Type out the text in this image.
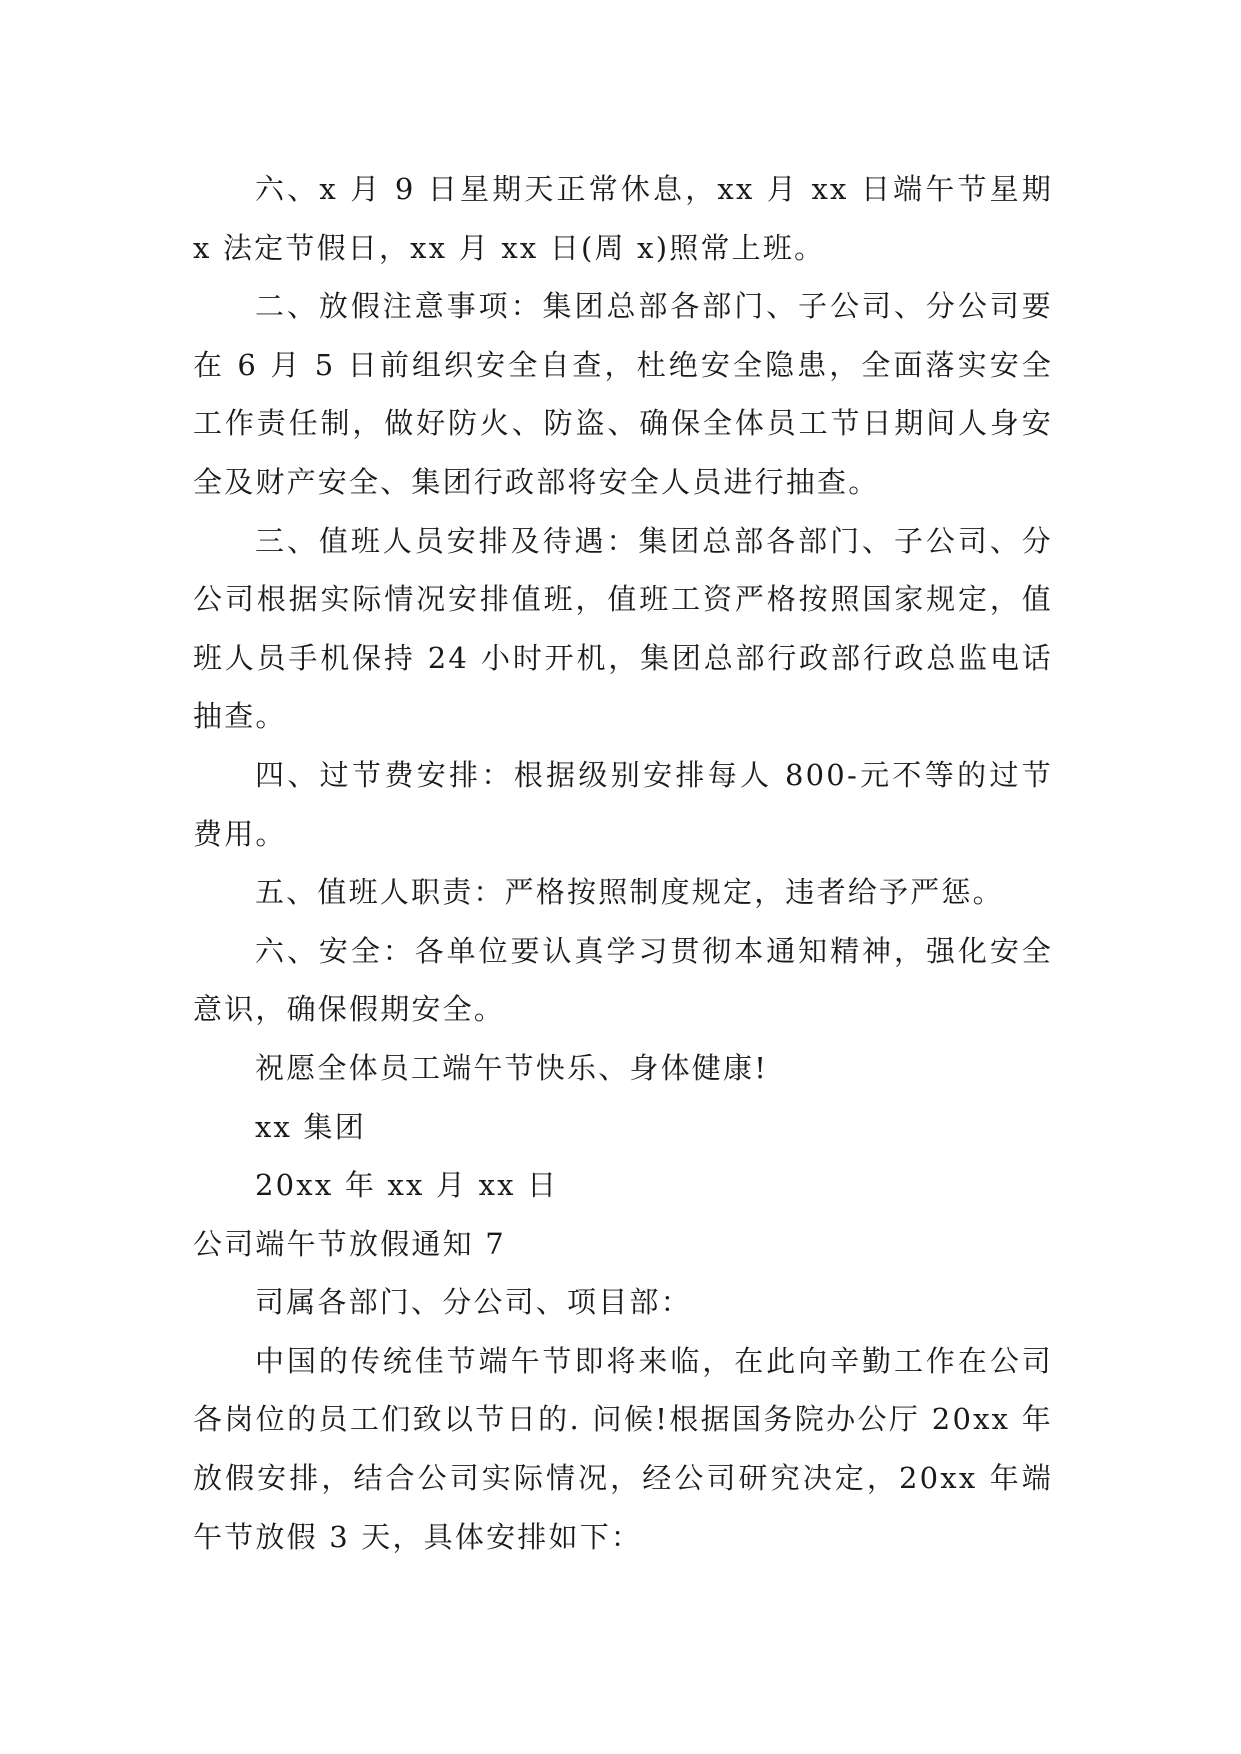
六、x 月 9 日星期天正常休息，xx 月 xx 日端午节星期 x 法定节假日，xx 月 xx 日(周 x)照常上班。

二、放假注意事项：集团总部各部门、子公司、分公司要在 6 月 5 日前组织安全自查，杜绝安全隐患，全面落实安全工作责任制，做好防火、防盗、确保全体员工节日期间人身安全及财产安全、集团行政部将安全人员进行抽查。

三、值班人员安排及待遇：集团总部各部门、子公司、分公司根据实际情况安排值班，值班工资严格按照国家规定，值班人员手机保持 24 小时开机，集团总部行政部行政总监电话抽查。

四、过节费安排：根据级别安排每人 800-元不等的过节费用。

五、值班人职责：严格按照制度规定，违者给予严惩。

六、安全：各单位要认真学习贯彻本通知精神，强化安全意识，确保假期安全。

祝愿全体员工端午节快乐、身体健康!

xx 集团

20xx 年 xx 月 xx 日

公司端午节放假通知 7

司属各部门、分公司、项目部：

中国的传统佳节端午节即将来临，在此向辛勤工作在公司各岗位的员工们致以节日的. 问候!根据国务院办公厅 20xx 年放假安排，结合公司实际情况，经公司研究决定，20xx 年端午节放假 3 天，具体安排如下：
